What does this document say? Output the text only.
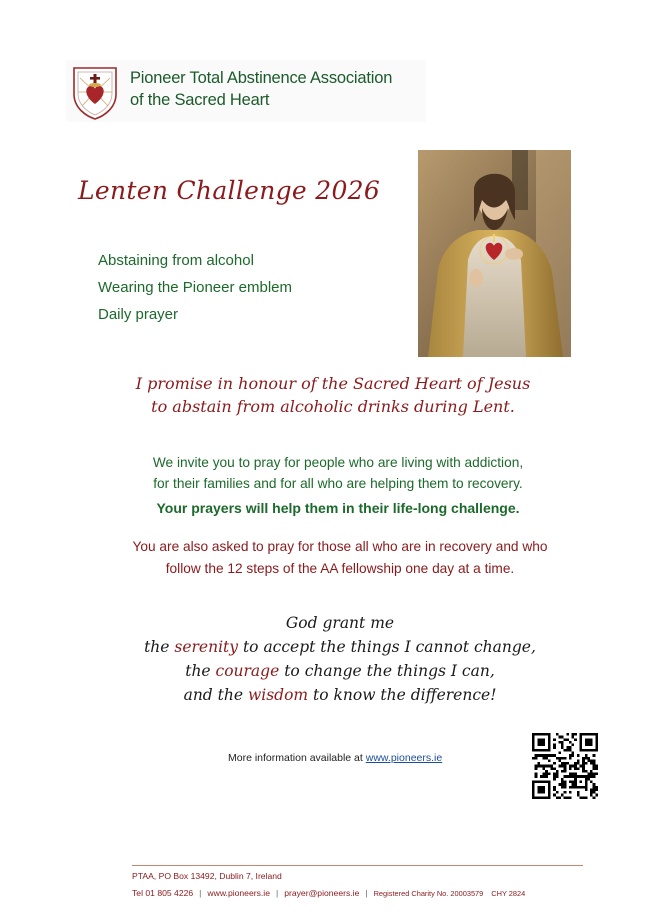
Pioneer Total Abstinence Association
of the Sacred Heart
Lenten Challenge 2026
Abstaining from alcohol
Wearing the Pioneer emblem
Daily prayer
I promise in honour of the Sacred Heart of Jesus
to abstain from alcoholic drinks during Lent.
We invite you to pray for people who are living with addiction,
for their families and for all who are helping them to recovery.
Your prayers will help them in their life-long challenge.
You are also asked to pray for those all who are in recovery and who
follow the 12 steps of the AA fellowship one day at a time.
God grant me
the serenity to accept the things I cannot change,
the courage to change the things I can,
and the wisdom to know the difference!
More information available at www.pioneers.ie
PTAA, PO Box 13492, Dublin 7, Ireland
Tel 01 805 4226 | www.pioneers.ie | prayer@pioneers.ie | Registered Charity No. 20003579 CHY 2824
